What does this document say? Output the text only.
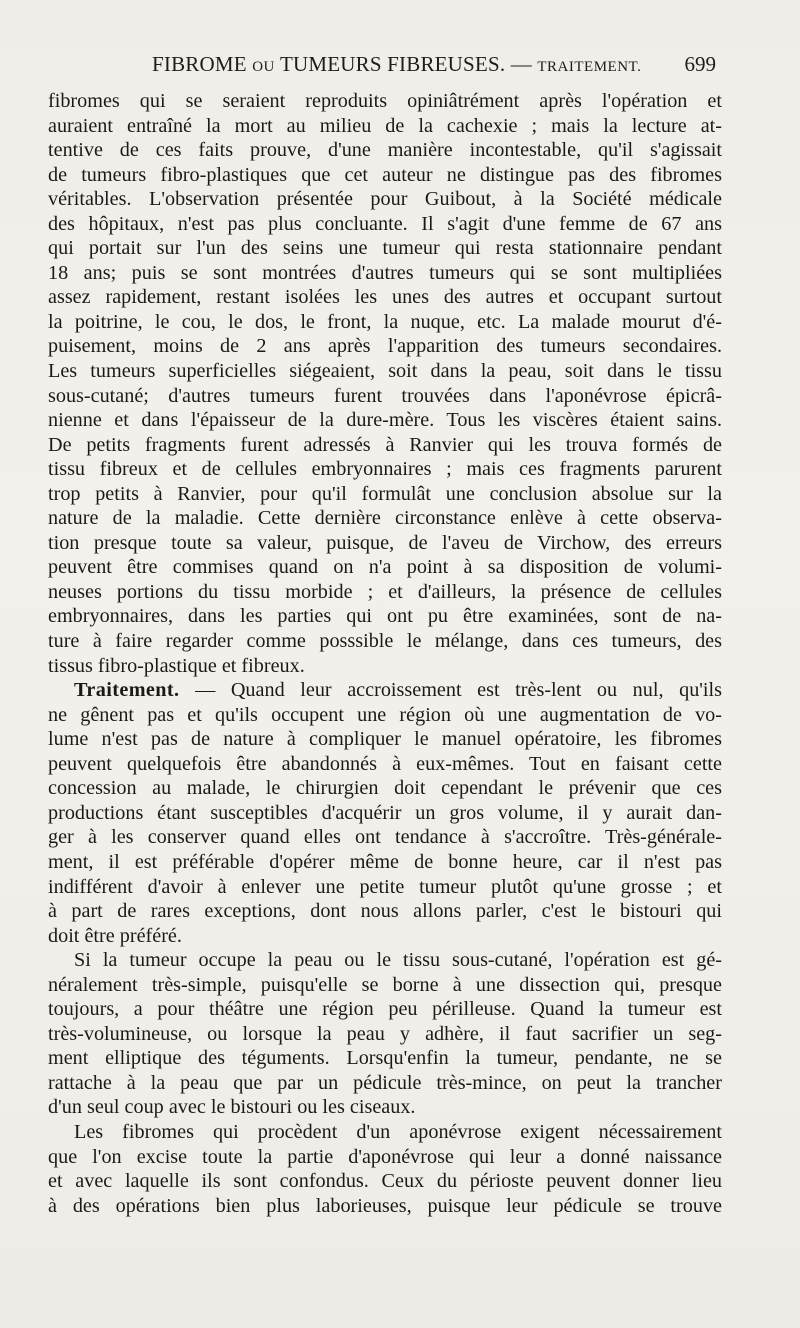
FIBROME OU TUMEURS FIBREUSES. — TRAITEMENT. 699
fibromes qui se seraient reproduits opiniâtrément après l'opération et
auraient entraîné la mort au milieu de la cachexie ; mais la lecture at-
tentive de ces faits prouve, d'une manière incontestable, qu'il s'agissait
de tumeurs fibro-plastiques que cet auteur ne distingue pas des fibromes
véritables. L'observation présentée pour Guibout, à la Société médicale
des hôpitaux, n'est pas plus concluante. Il s'agit d'une femme de 67 ans
qui portait sur l'un des seins une tumeur qui resta stationnaire pendant
18 ans; puis se sont montrées d'autres tumeurs qui se sont multipliées
assez rapidement, restant isolées les unes des autres et occupant surtout
la poitrine, le cou, le dos, le front, la nuque, etc. La malade mourut d'é-
puisement, moins de 2 ans après l'apparition des tumeurs secondaires.
Les tumeurs superficielles siégeaient, soit dans la peau, soit dans le tissu
sous-cutané; d'autres tumeurs furent trouvées dans l'aponévrose épicrâ-
nienne et dans l'épaisseur de la dure-mère. Tous les viscères étaient sains.
De petits fragments furent adressés à Ranvier qui les trouva formés de
tissu fibreux et de cellules embryonnaires ; mais ces fragments parurent
trop petits à Ranvier, pour qu'il formulât une conclusion absolue sur la
nature de la maladie. Cette dernière circonstance enlève à cette observa-
tion presque toute sa valeur, puisque, de l'aveu de Virchow, des erreurs
peuvent être commises quand on n'a point à sa disposition de volumi-
neuses portions du tissu morbide ; et d'ailleurs, la présence de cellules
embryonnaires, dans les parties qui ont pu être examinées, sont de na-
ture à faire regarder comme posssible le mélange, dans ces tumeurs, des
tissus fibro-plastique et fibreux.
Traitement. — Quand leur accroissement est très-lent ou nul, qu'ils
ne gênent pas et qu'ils occupent une région où une augmentation de vo-
lume n'est pas de nature à compliquer le manuel opératoire, les fibromes
peuvent quelquefois être abandonnés à eux-mêmes. Tout en faisant cette
concession au malade, le chirurgien doit cependant le prévenir que ces
productions étant susceptibles d'acquérir un gros volume, il y aurait dan-
ger à les conserver quand elles ont tendance à s'accroître. Très-générale-
ment, il est préférable d'opérer même de bonne heure, car il n'est pas
indifférent d'avoir à enlever une petite tumeur plutôt qu'une grosse ; et
à part de rares exceptions, dont nous allons parler, c'est le bistouri qui
doit être préféré.
Si la tumeur occupe la peau ou le tissu sous-cutané, l'opération est gé-
néralement très-simple, puisqu'elle se borne à une dissection qui, presque
toujours, a pour théâtre une région peu périlleuse. Quand la tumeur est
très-volumineuse, ou lorsque la peau y adhère, il faut sacrifier un seg-
ment elliptique des téguments. Lorsqu'enfin la tumeur, pendante, ne se
rattache à la peau que par un pédicule très-mince, on peut la trancher
d'un seul coup avec le bistouri ou les ciseaux.
Les fibromes qui procèdent d'un aponévrose exigent nécessairement
que l'on excise toute la partie d'aponévrose qui leur a donné naissance
et avec laquelle ils sont confondus. Ceux du périoste peuvent donner lieu
à des opérations bien plus laborieuses, puisque leur pédicule se trouve
